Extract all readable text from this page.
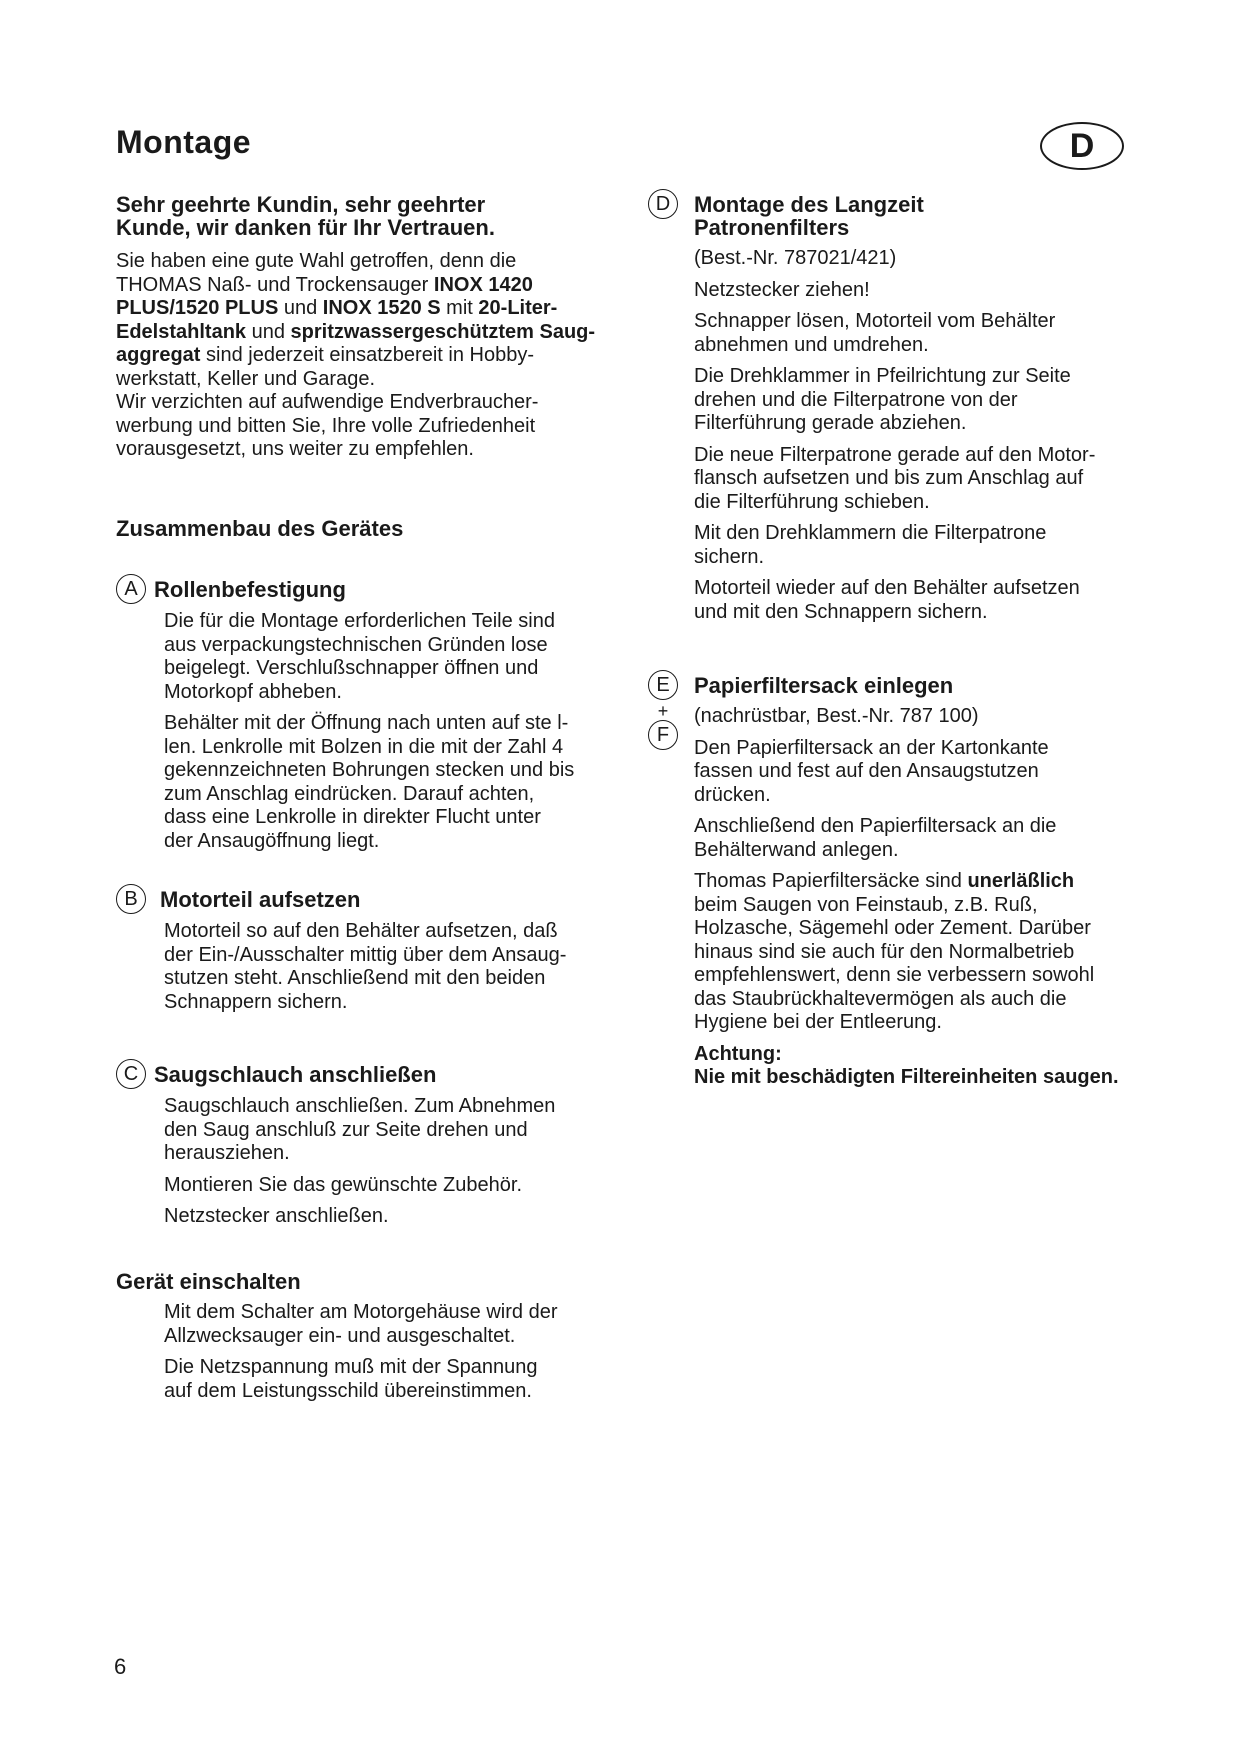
Montage	D
Sehr geehrte Kundin, sehr geehrter
Kunde, wir danken für Ihr Vertrauen.
Sie haben eine gute Wahl getroffen, denn die
THOMAS Naß- und Trockensauger INOX 1420
PLUS/1520 PLUS und INOX 1520 S mit 20-Liter-
Edelstahltank und spritzwassergeschütztem Saug-
aggregat sind jederzeit einsatzbereit in Hobby-
werkstatt, Keller und Garage.
Wir verzichten auf aufwendige Endverbraucher-
werbung und bitten Sie, Ihre volle Zufriedenheit
vorausgesetzt, uns weiter zu empfehlen.
Zusammenbau des Gerätes
A Rollenbefestigung
Die für die Montage erforderlichen Teile sind
aus verpackungstechnischen Gründen lose
beigelegt. Verschlußschnapper öffnen und
Motorkopf abheben.
Behälter mit der Öffnung nach unten auf ste l-
len. Lenkrolle mit Bolzen in die mit der Zahl 4
gekennzeichneten Bohrungen stecken und bis
zum Anschlag eindrücken. Darauf achten,
dass eine Lenkrolle in direkter Flucht unter
der Ansaugöffnung liegt.
B	Motorteil aufsetzen
Motorteil so auf den Behälter aufsetzen, daß
der Ein-/Ausschalter mittig über dem Ansaug-
stutzen steht. Anschließend mit den beiden
Schnappern sichern.
C Saugschlauch anschließen
Saugschlauch anschließen. Zum Abnehmen
den Saug anschluß zur Seite drehen und
herausziehen.
Montieren Sie das gewünschte Zubehör.
Netzstecker anschließen.
Gerät einschalten
Mit dem Schalter am Motorgehäuse wird der
Allzwecksauger ein- und ausgeschaltet.
Die Netzspannung muß mit der Spannung
auf dem Leistungsschild übereinstimmen.
D	Montage des Langzeit
Patronenfilters
(Best.-Nr. 787021/421)
Netzstecker ziehen!
Schnapper lösen, Motorteil vom Behälter
abnehmen und umdrehen.
Die Drehklammer in Pfeilrichtung zur Seite
drehen und die Filterpatrone von der
Filterführung gerade abziehen.
Die neue Filterpatrone gerade auf den Motor-
flansch aufsetzen und bis zum Anschlag auf
die Filterführung schieben.
Mit den Drehklammern die Filterpatrone
sichern.
Motorteil wieder auf den Behälter aufsetzen
und mit den Schnappern sichern.
E
+
F
Papierfiltersack einlegen
(nachrüstbar, Best.-Nr. 787 100)
Den Papierfiltersack an der Kartonkante
fassen und fest auf den Ansaugstutzen
drücken.
Anschließend den Papierfiltersack an die
Behälterwand anlegen.
Thomas Papierfiltersäcke sind unerläßlich
beim Saugen von Feinstaub, z.B. Ruß,
Holzasche, Sägemehl oder Zement. Darüber
hinaus sind sie auch für den Normalbetrieb
empfehlenswert, denn sie verbessern sowohl
das Staubrückhaltevermögen als auch die
Hygiene bei der Entleerung.
Achtung:
Nie mit beschädigten Filtereinheiten saugen.
6
